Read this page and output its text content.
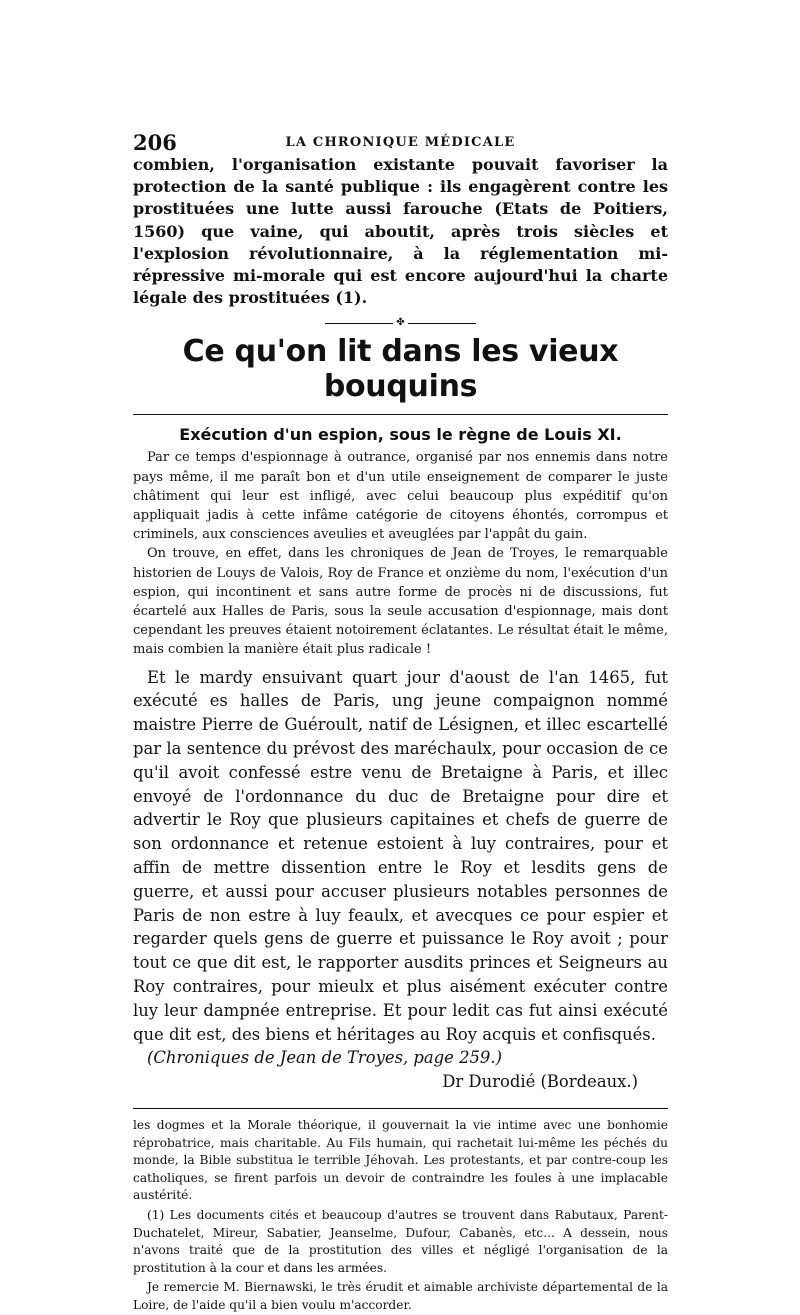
206	LA CHRONIQUE MÉDICALE

combien, l'organisation existante pouvait favoriser la protection de la santé publique : ils engagèrent contre les prostituées une lutte aussi farouche (Etats de Poitiers, 1560) que vaine, qui aboutit, après trois siècles et l'explosion révolutionnaire, à la réglementation mi-répressive mi-morale qui est encore aujourd'hui la charte légale des prostituées (1).

✤
Ce qu'on lit dans les vieux bouquins
Exécution d'un espion, sous le règne de Louis XI.

Par ce temps d'espionnage à outrance, organisé par nos ennemis dans notre pays même, il me paraît bon et d'un utile enseignement de comparer le juste châtiment qui leur est infligé, avec celui beaucoup plus expéditif qu'on appliquait jadis à cette infâme catégorie de citoyens éhontés, corrompus et criminels, aux consciences aveulies et aveuglées par l'appât du gain.

On trouve, en effet, dans les chroniques de Jean de Troyes, le remarquable historien de Louys de Valois, Roy de France et onzième du nom, l'exécution d'un espion, qui incontinent et sans autre forme de procès ni de discussions, fut écartelé aux Halles de Paris, sous la seule accusation d'espionnage, mais dont cependant les preuves étaient notoirement éclatantes. Le résultat était le même, mais combien la manière était plus radicale !

Et le mardy ensuivant quart jour d'aoust de l'an 1465, fut exécuté es halles de Paris, ung jeune compaignon nommé maistre Pierre de Guéroult, natif de Lésignen, et illec escartellé par la sentence du prévost des maréchaulx, pour occasion de ce qu'il avoit confessé estre venu de Bretaigne à Paris, et illec envoyé de l'ordonnance du duc de Bretaigne pour dire et advertir le Roy que plusieurs capitaines et chefs de guerre de son ordonnance et retenue estoient à luy contraires, pour et affin de mettre dissention entre le Roy et lesdits gens de guerre, et aussi pour accuser plusieurs notables personnes de Paris de non estre à luy feaulx, et avecques ce pour espier et regarder quels gens de guerre et puissance le Roy avoit ; pour tout ce que dit est, le rapporter ausdits princes et Seigneurs au Roy contraires, pour mieulx et plus aisément exécuter contre luy leur dampnée entreprise. Et pour ledit cas fut ainsi exécuté que dit est, des biens et héritages au Roy acquis et confisqués.

(Chroniques de Jean de Troyes, page 259.)

Dr Durodié (Bordeaux.)

les dogmes et la Morale théorique, il gouvernait la vie intime avec une bonhomie réprobatrice, mais charitable. Au Fils humain, qui rachetait lui-même les péchés du monde, la Bible substitua le terrible Jéhovah. Les protestants, et par contre-coup les catholiques, se firent parfois un devoir de contraindre les foules à une implacable austérité.

(1) Les documents cités et beaucoup d'autres se trouvent dans Rabutaux, Parent-Duchatelet, Mireur, Sabatier, Jeanselme, Dufour, Cabanès, etc... A dessein, nous n'avons traité que de la prostitution des villes et négligé l'organisation de la prostitution à la cour et dans les armées.

Je remercie M. Biernawski, le très érudit et aimable archiviste départemental de la Loire, de l'aide qu'il a bien voulu m'accorder.
